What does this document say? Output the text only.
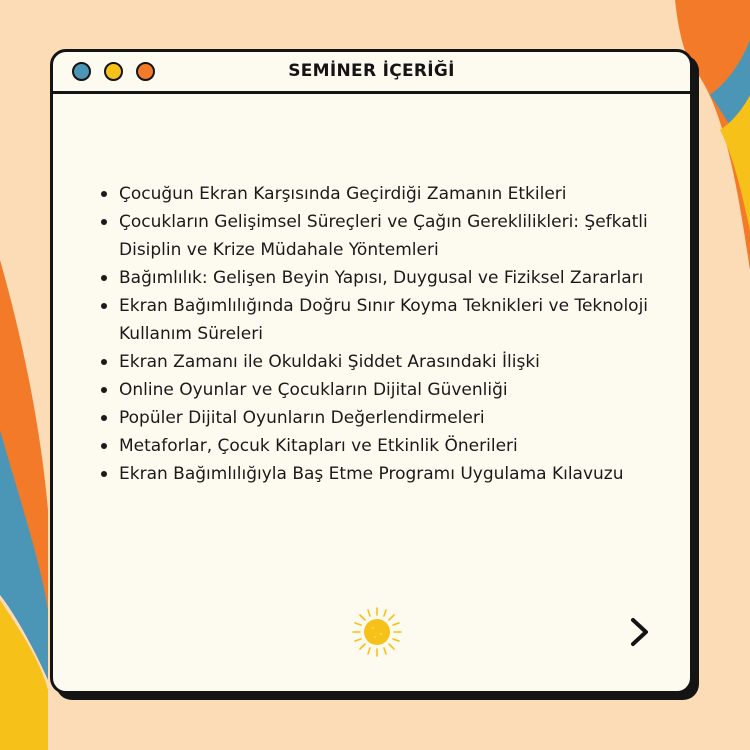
SEMİNER İÇERİĞİ
Çocuğun Ekran Karşısında Geçirdiği Zamanın Etkileri
Çocukların Gelişimsel Süreçleri ve Çağın Gereklilikleri: Şefkatli Disiplin ve Krize Müdahale Yöntemleri
Bağımlılık: Gelişen Beyin Yapısı, Duygusal ve Fiziksel Zararları
Ekran Bağımlılığında Doğru Sınır Koyma Teknikleri ve Teknoloji Kullanım Süreleri
Ekran Zamanı ile Okuldaki Şiddet Arasındaki İlişki
Online Oyunlar ve Çocukların Dijital Güvenliği
Popüler Dijital Oyunların Değerlendirmeleri
Metaforlar, Çocuk Kitapları ve Etkinlik Önerileri
Ekran Bağımlılığıyla Baş Etme Programı Uygulama Kılavuzu
